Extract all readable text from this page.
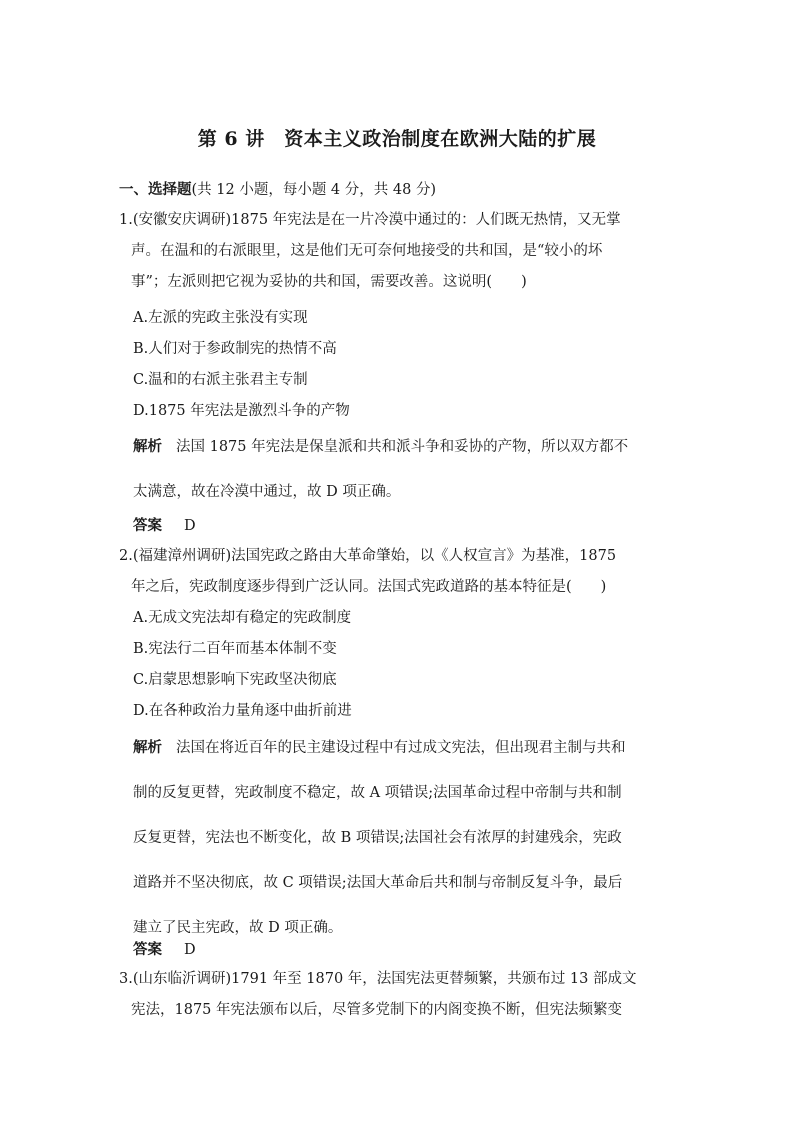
第 6 讲　资本主义政治制度在欧洲大陆的扩展
一、选择题(共 12 小题，每小题 4 分，共 48 分)
1.(安徽安庆调研)1875 年宪法是在一片冷漠中通过的：人们既无热情，又无掌
声。在温和的右派眼里，这是他们无可奈何地接受的共和国，是“较小的坏
事”；左派则把它视为妥协的共和国，需要改善。这说明(　　)
A.左派的宪政主张没有实现
B.人们对于参政制宪的热情不高
C.温和的右派主张君主专制
D.1875 年宪法是激烈斗争的产物
解析 法国 1875 年宪法是保皇派和共和派斗争和妥协的产物，所以双方都不
太满意，故在冷漠中通过，故 D 项正确。
答案 D
2.(福建漳州调研)法国宪政之路由大革命肇始，以《人权宣言》为基准，1875
年之后，宪政制度逐步得到广泛认同。法国式宪政道路的基本特征是(　　)
A.无成文宪法却有稳定的宪政制度
B.宪法行二百年而基本体制不变
C.启蒙思想影响下宪政坚决彻底
D.在各种政治力量角逐中曲折前进
解析 法国在将近百年的民主建设过程中有过成文宪法，但出现君主制与共和
制的反复更替，宪政制度不稳定，故 A 项错误;法国革命过程中帝制与共和制
反复更替，宪法也不断变化，故 B 项错误;法国社会有浓厚的封建残余，宪政
道路并不坚决彻底，故 C 项错误;法国大革命后共和制与帝制反复斗争，最后
建立了民主宪政，故 D 项正确。
答案 D
3.(山东临沂调研)1791 年至 1870 年，法国宪法更替频繁，共颁布过 13 部成文
宪法，1875 年宪法颁布以后，尽管多党制下的内阁变换不断，但宪法频繁变
